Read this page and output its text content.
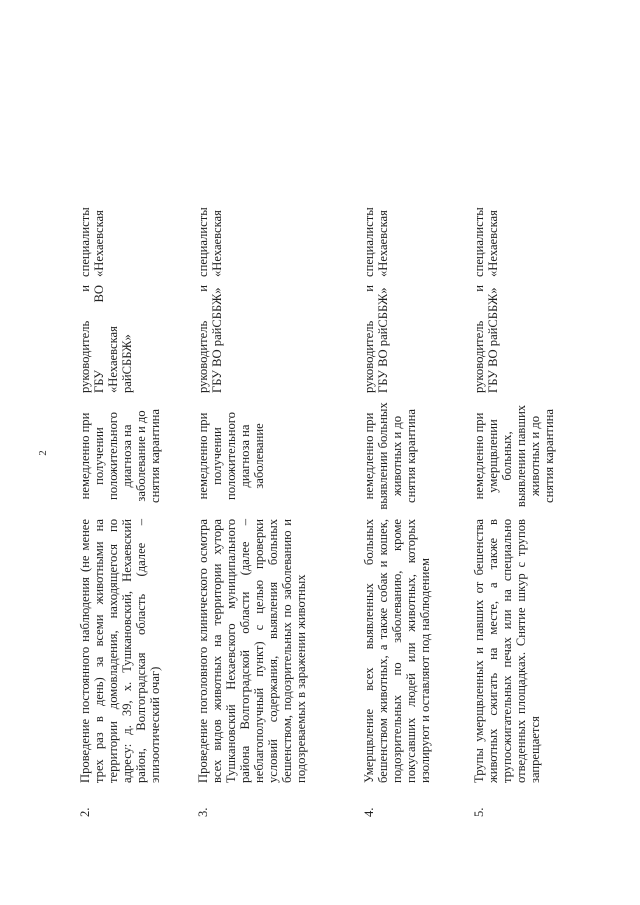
2
2.
Проведение постоянного наблюдения (не менее трех раз в день) за всеми животными на территории домовладения, находящегося по адресу: д. 39, х. Тушкановский, Нехаевский район, Волгоградская область (далее – эпизоотический очаг)
немедленно при получении положительного диагноза на заболевание и до снятия карантина
руководитель и ГБУ ВО «Нехаевская райСББЖ»
специалисты «Нехаевская
3.
Проведение поголовного клинического осмотра всех видов животных на территории хутора Тушкановский Нехаевского муниципального района Волгоградской области (далее – неблагополучный пункт) с целью проверки условий содержания, выявления больных бешенством, подозрительных по заболеванию и подозреваемых в заражении животных
немедленно при получении положительного диагноза на заболевание
руководитель и ГБУ ВО райСББЖ»
специалисты «Нехаевская
4.
Умерщвление всех выявленных больных бешенством животных, а также собак и кошек, подозрительных по заболеванию, кроме покусавших людей или животных, которых изолируют и оставляют под наблюдением
немедленно при выявлении больных животных и до снятия карантина
руководитель и ГБУ ВО райСББЖ»
специалисты «Нехаевская
5.
Трупы умерщвленных и павших от бешенства животных сжигать на месте, а также в трупосжигательных печах или на специально отведенных площадках. Снятие шкур с трупов запрещается
немедленно при умерщвлении больных, выявлении павших животных и до снятия карантина
руководитель и ГБУ ВО райСББЖ»
специалисты «Нехаевская
